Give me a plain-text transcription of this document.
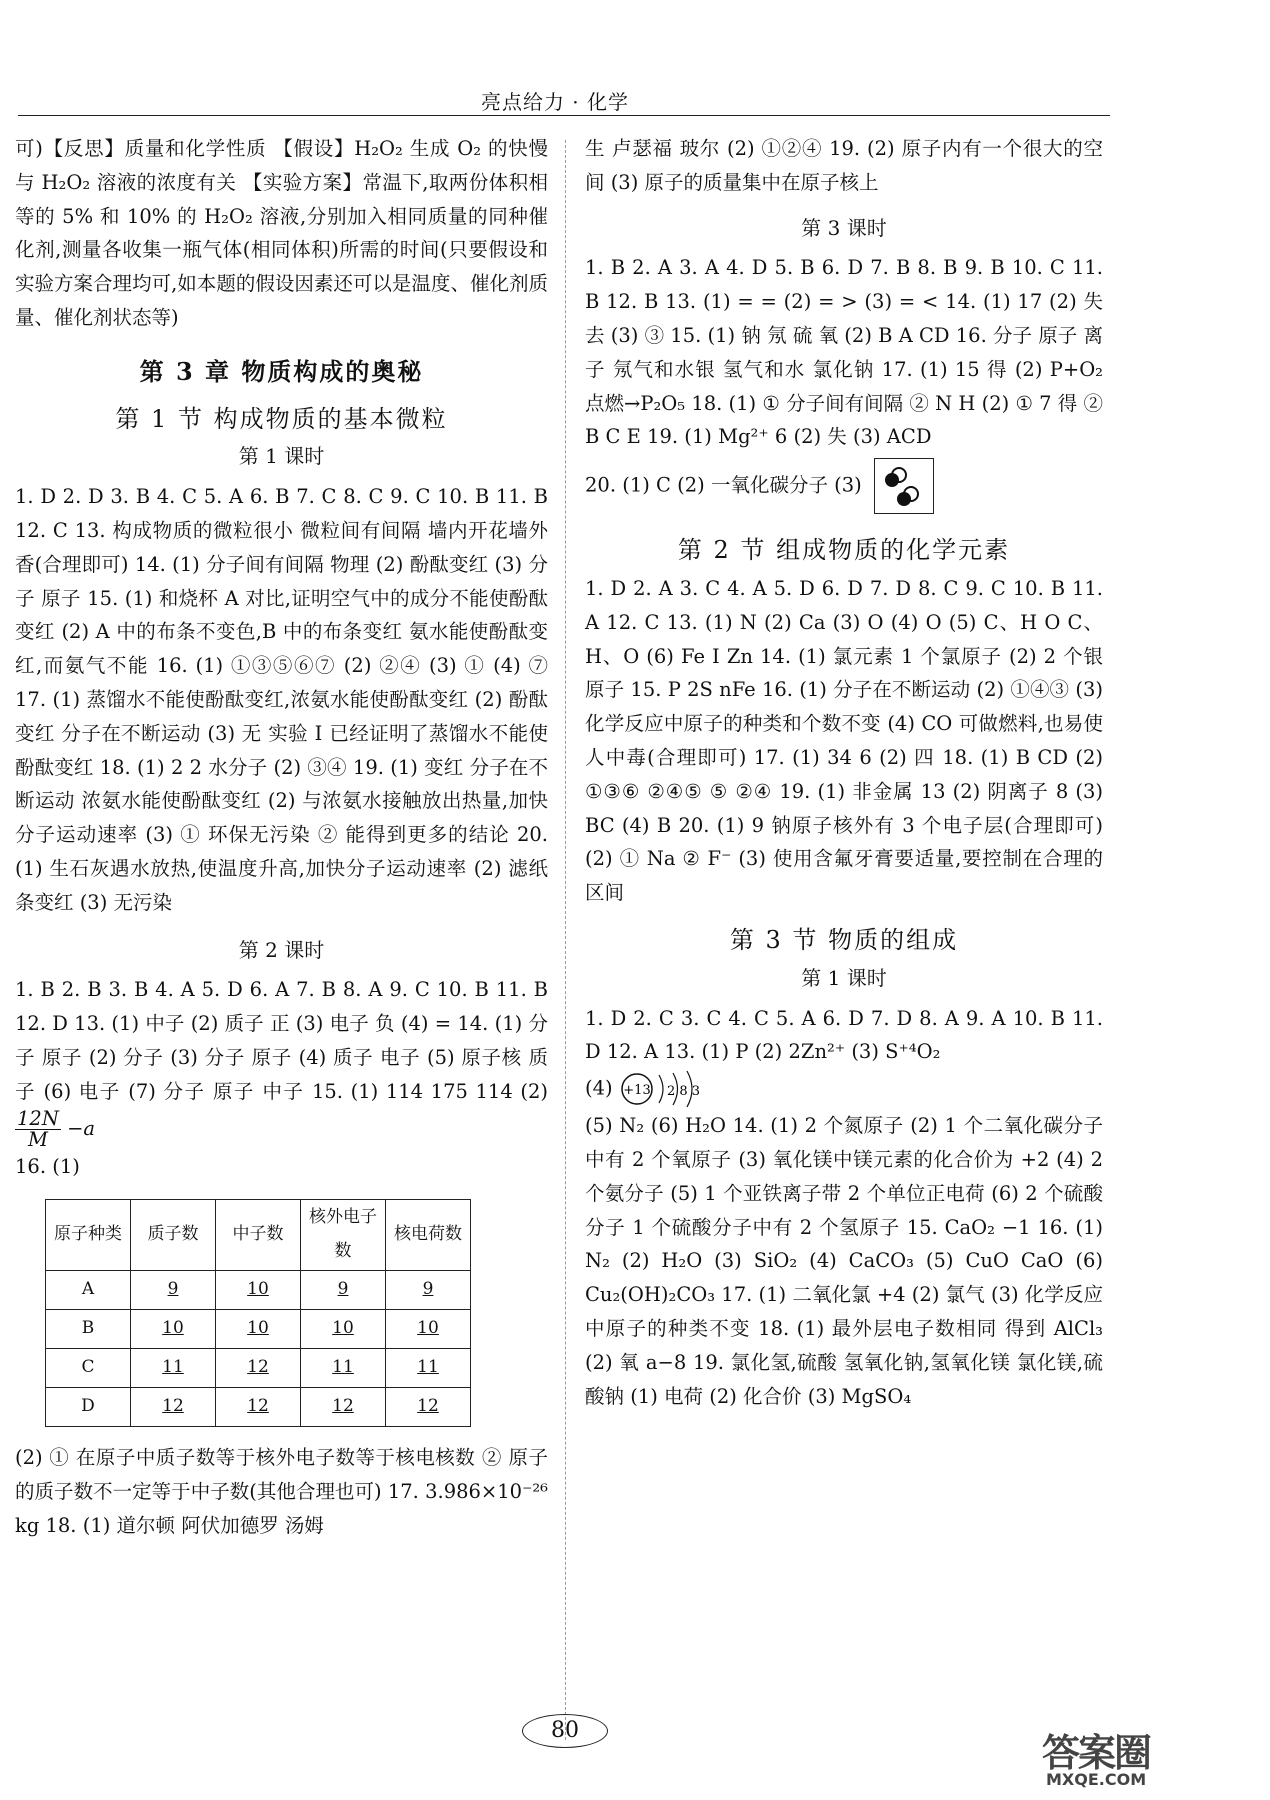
亮点给力 · 化学

可)【反思】质量和化学性质 【假设】H₂O₂ 生成 O₂ 的快慢与 H₂O₂ 溶液的浓度有关 【实验方案】常温下,取两份体积相等的 5% 和 10% 的 H₂O₂ 溶液,分别加入相同质量的同种催化剂,测量各收集一瓶气体(相同体积)所需的时间(只要假设和实验方案合理均可,如本题的假设因素还可以是温度、催化剂质量、催化剂状态等)

第 3 章 物质构成的奥秘
第 1 节 构成物质的基本微粒
第 1 课时

1. D 2. D 3. B 4. C 5. A 6. B 7. C 8. C 9. C 10. B 11. B 12. C 13. 构成物质的微粒很小 微粒间有间隔 墙内开花墙外香(合理即可) 14. (1) 分子间有间隔 物理 (2) 酚酞变红 (3) 分子 原子 15. (1) 和烧杯 A 对比,证明空气中的成分不能使酚酞变红 (2) A 中的布条不变色,B 中的布条变红 氨水能使酚酞变红,而氨气不能 16. (1) ①③⑤⑥⑦ (2) ②④ (3) ① (4) ⑦ 17. (1) 蒸馏水不能使酚酞变红,浓氨水能使酚酞变红 (2) 酚酞变红 分子在不断运动 (3) 无 实验 Ⅰ 已经证明了蒸馏水不能使酚酞变红 18. (1) 2 2 水分子 (2) ③④ 19. (1) 变红 分子在不断运动 浓氨水能使酚酞变红 (2) 与浓氨水接触放出热量,加快分子运动速率 (3) ① 环保无污染 ② 能得到更多的结论 20. (1) 生石灰遇水放热,使温度升高,加快分子运动速率 (2) 滤纸条变红 (3) 无污染

第 2 课时

1. B 2. B 3. B 4. A 5. D 6. A 7. B 8. A 9. C 10. B 11. B 12. D 13. (1) 中子 (2) 质子 正 (3) 电子 负 (4) = 14. (1) 分子 原子 (2) 分子 (3) 分子 原子 (4) 质子 电子 (5) 原子核 质子 (6) 电子 (7) 分子 原子 中子 15. (1) 114 175 114 (2)
$\frac{12N}{M} -a$

16. (1)

原子种类	质子数	中子数	核外电子数	核电荷数
A	9	10	9	9
B	10	10	10	10
C	11	12	11	11
D	12	12	12	12

(2) ① 在原子中质子数等于核外电子数等于核电核数 ② 原子的质子数不一定等于中子数(其他合理也可) 17. 3.986×10⁻²⁶ kg 18. (1) 道尔顿 阿伏加德罗 汤姆

生 卢瑟福 玻尔 (2) ①②④ 19. (2) 原子内有一个很大的空间 (3) 原子的质量集中在原子核上

第 3 课时

1. B 2. A 3. A 4. D 5. B 6. D 7. B 8. B 9. B 10. C 11. B 12. B 13. (1) = = (2) = > (3) = < 14. (1) 17 (2) 失去 (3) ③ 15. (1) 钠 氖 硫 氧 (2) B A CD 16. 分子 原子 离子 氖气和水银 氢气和水 氯化钠 17. (1) 15 得 (2) P+O₂ 点燃→P₂O₅ 18. (1) ① 分子间有间隔 ② N H (2) ① 7 得 ② B C E 19. (1) Mg²⁺ 6 (2) 失 (3) ACD

20. (1) C (2) 一氧化碳分子 (3)

第 2 节 组成物质的化学元素

1. D 2. A 3. C 4. A 5. D 6. D 7. D 8. C 9. C 10. B 11. A 12. C 13. (1) N (2) Ca (3) O (4) O (5) C、H O C、H、O (6) Fe I Zn 14. (1) 氯元素 1 个氯原子 (2) 2 个银原子 15. P 2S nFe 16. (1) 分子在不断运动 (2) ①④③ (3) 化学反应中原子的种类和个数不变 (4) CO 可做燃料,也易使人中毒(合理即可) 17. (1) 34 6 (2) 四 18. (1) B CD (2) ①③⑥ ②④⑤ ⑤ ②④ 19. (1) 非金属 13 (2) 阴离子 8 (3) BC (4) B 20. (1) 9 钠原子核外有 3 个电子层(合理即可) (2) ① Na ② F⁻ (3) 使用含氟牙膏要适量,要控制在合理的区间

第 3 节 物质的组成
第 1 课时

1. D 2. C 3. C 4. C 5. A 6. D 7. D 8. A 9. A 10. B 11. D 12. A 13. (1) P (2) 2Zn²⁺ (3) S⁺⁴O₂

(4) +13 2 8 3

(5) N₂ (6) H₂O 14. (1) 2 个氮原子 (2) 1 个二氧化碳分子中有 2 个氧原子 (3) 氧化镁中镁元素的化合价为 +2 (4) 2 个氨分子 (5) 1 个亚铁离子带 2 个单位正电荷 (6) 2 个硫酸分子 1 个硫酸分子中有 2 个氢原子 15. CaO₂ −1 16. (1) N₂ (2) H₂O (3) SiO₂ (4) CaCO₃ (5) CuO CaO (6) Cu₂(OH)₂CO₃ 17. (1) 二氧化氯 +4 (2) 氯气 (3) 化学反应中原子的种类不变 18. (1) 最外层电子数相同 得到 AlCl₃ (2) 氧 a−8 19. 氯化氢,硫酸 氢氧化钠,氢氧化镁 氯化镁,硫酸钠 (1) 电荷 (2) 化合价 (3) MgSO₄

80
答案圈
MXQE.COM
